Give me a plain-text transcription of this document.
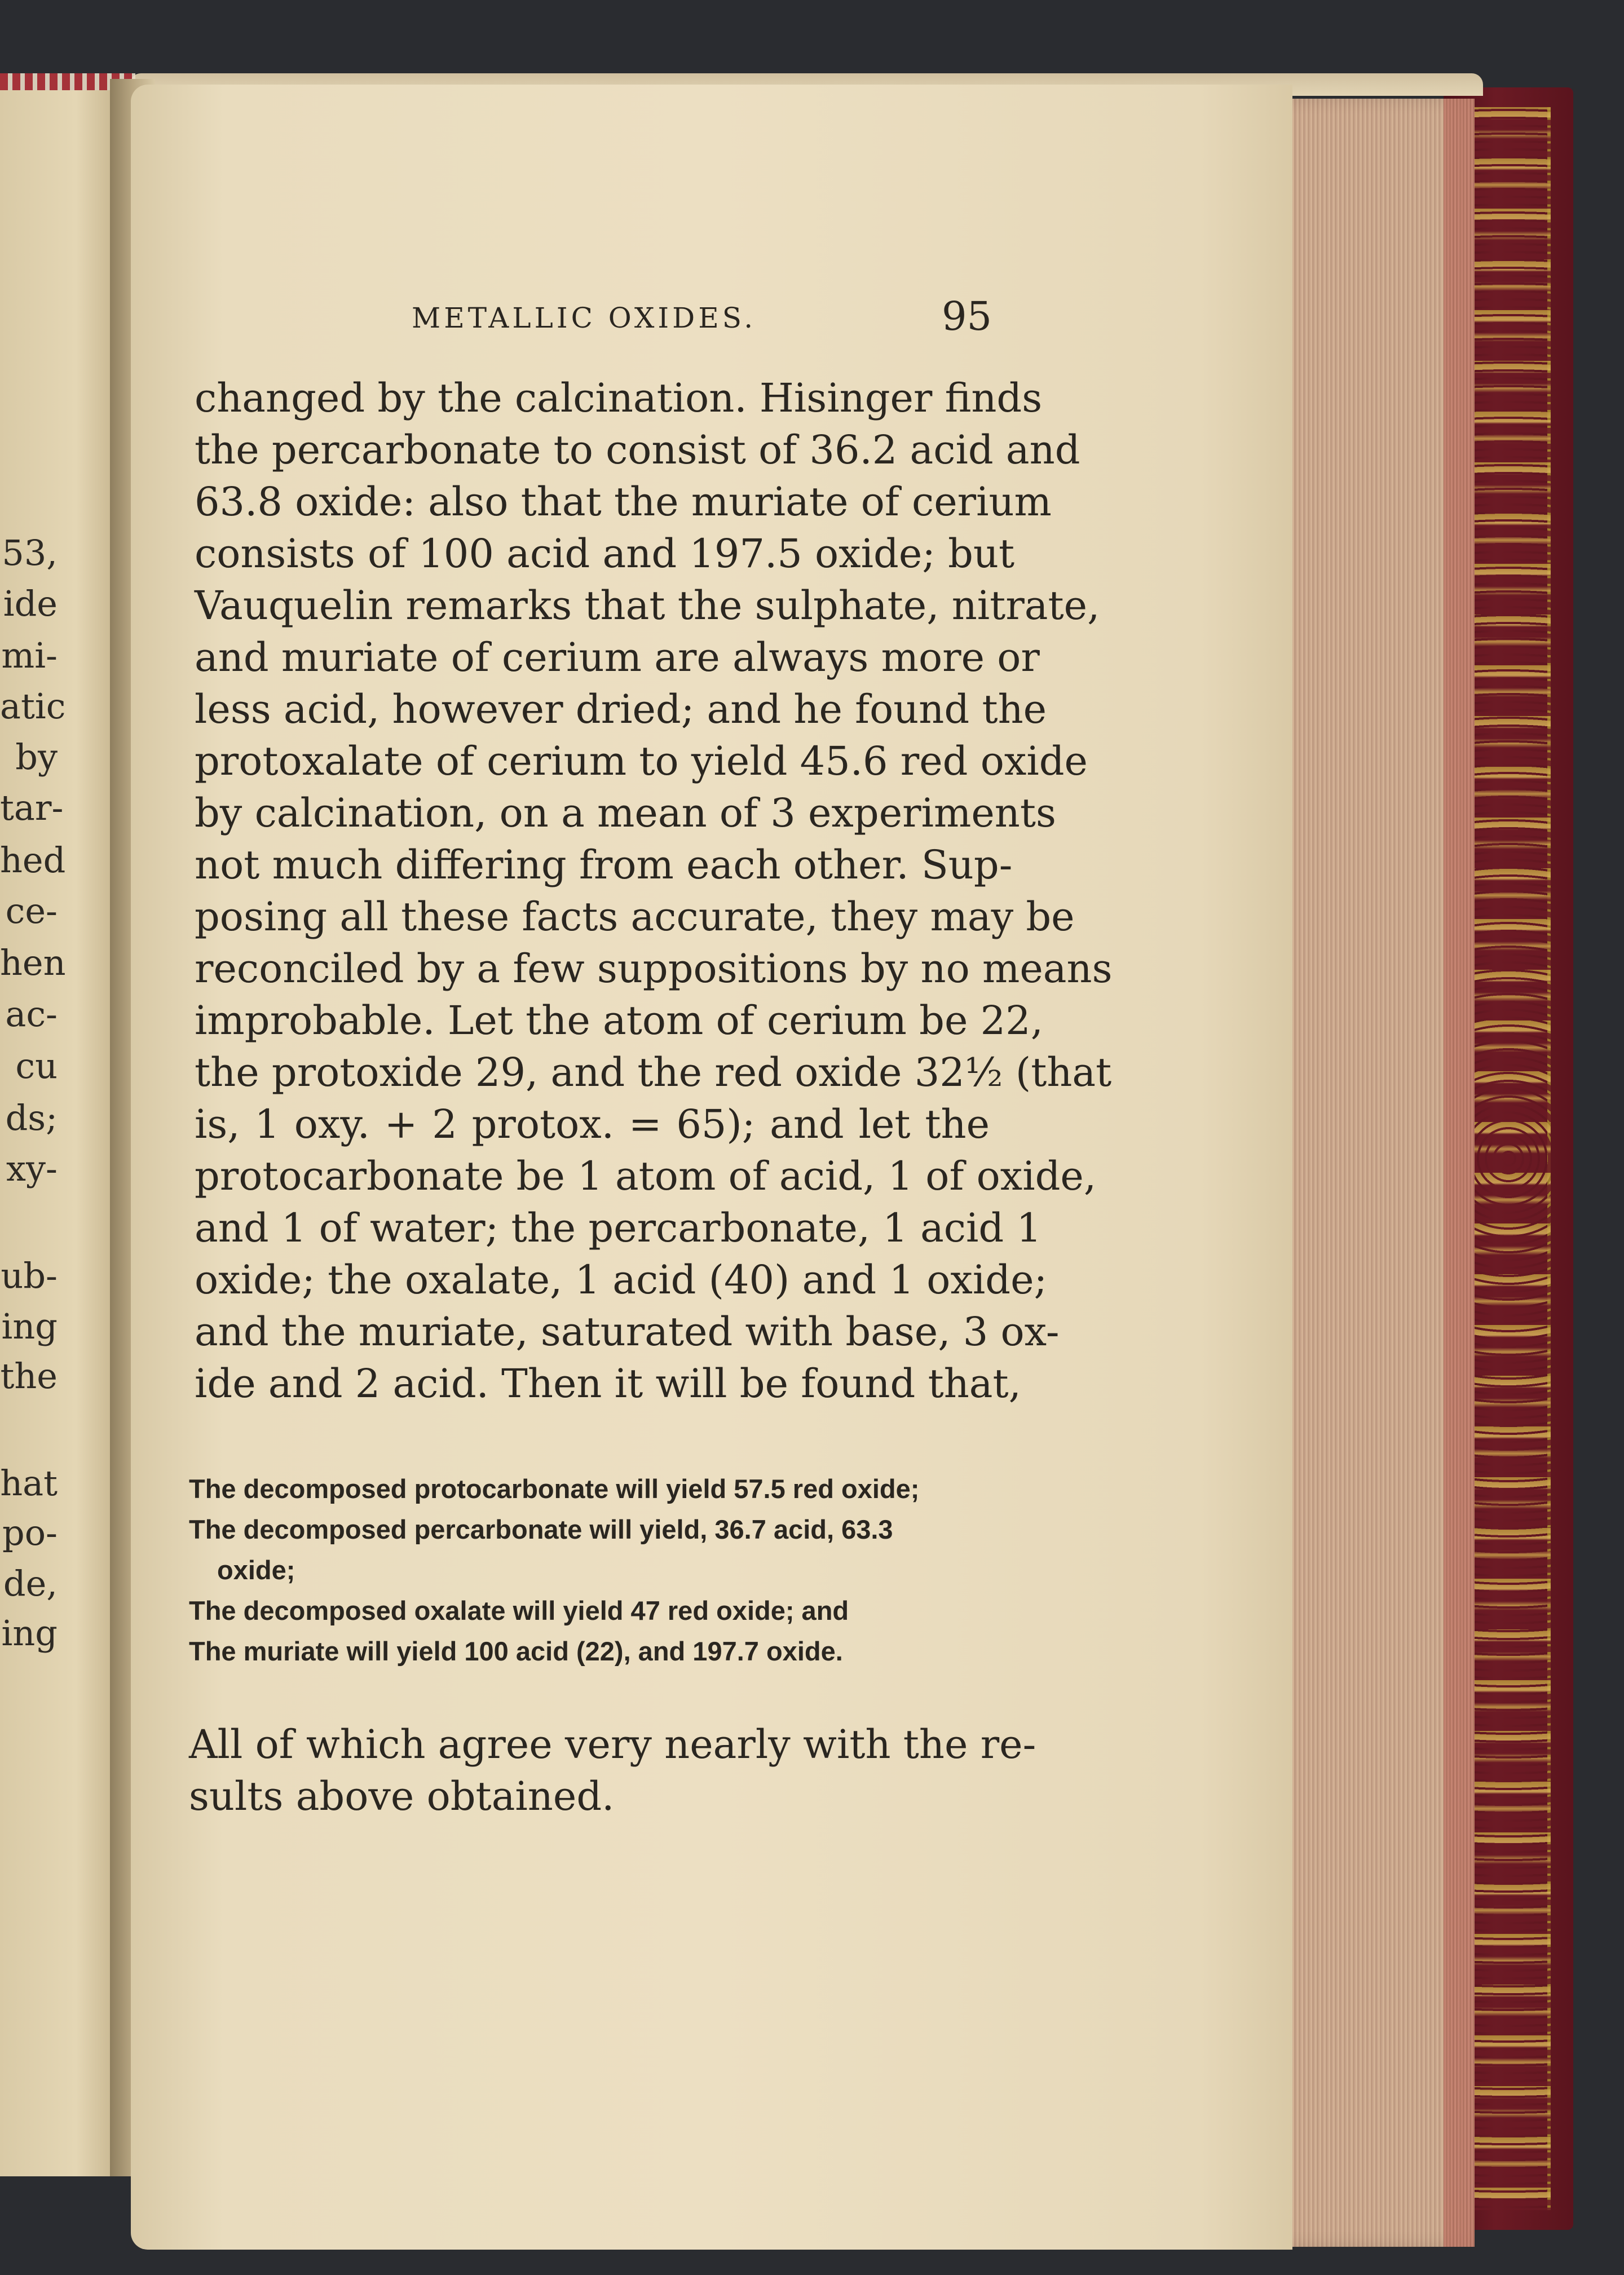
53,
ide
mi-
atic
by
tar-
hed
ce-
hen
ac-
cu
ds;
xy-
ub-
ing
the
hat
po-
de,
ing
METALLIC OXIDES.	95
changed by the calcination. Hisinger finds
the percarbonate to consist of 36.2 acid and
63.8 oxide: also that the muriate of cerium
consists of 100 acid and 197.5 oxide; but
Vauquelin remarks that the sulphate, nitrate,
and muriate of cerium are always more or
less acid, however dried; and he found the
protoxalate of cerium to yield 45.6 red oxide
by calcination, on a mean of 3 experiments
not much differing from each other. Sup-
posing all these facts accurate, they may be
reconciled by a few suppositions by no means
improbable. Let the atom of cerium be 22,
the protoxide 29, and the red oxide 32½ (that
is, 1 oxy. + 2 protox. = 65); and let the
protocarbonate be 1 atom of acid, 1 of oxide,
and 1 of water; the percarbonate, 1 acid 1
oxide; the oxalate, 1 acid (40) and 1 oxide;
and the muriate, saturated with base, 3 ox-
ide and 2 acid. Then it will be found that,
The decomposed protocarbonate will yield 57.5 red oxide;
The decomposed percarbonate will yield, 36.7 acid, 63.3
oxide;
The decomposed oxalate will yield 47 red oxide; and
The muriate will yield 100 acid (22), and 197.7 oxide.
All of which agree very nearly with the re-
sults above obtained.
